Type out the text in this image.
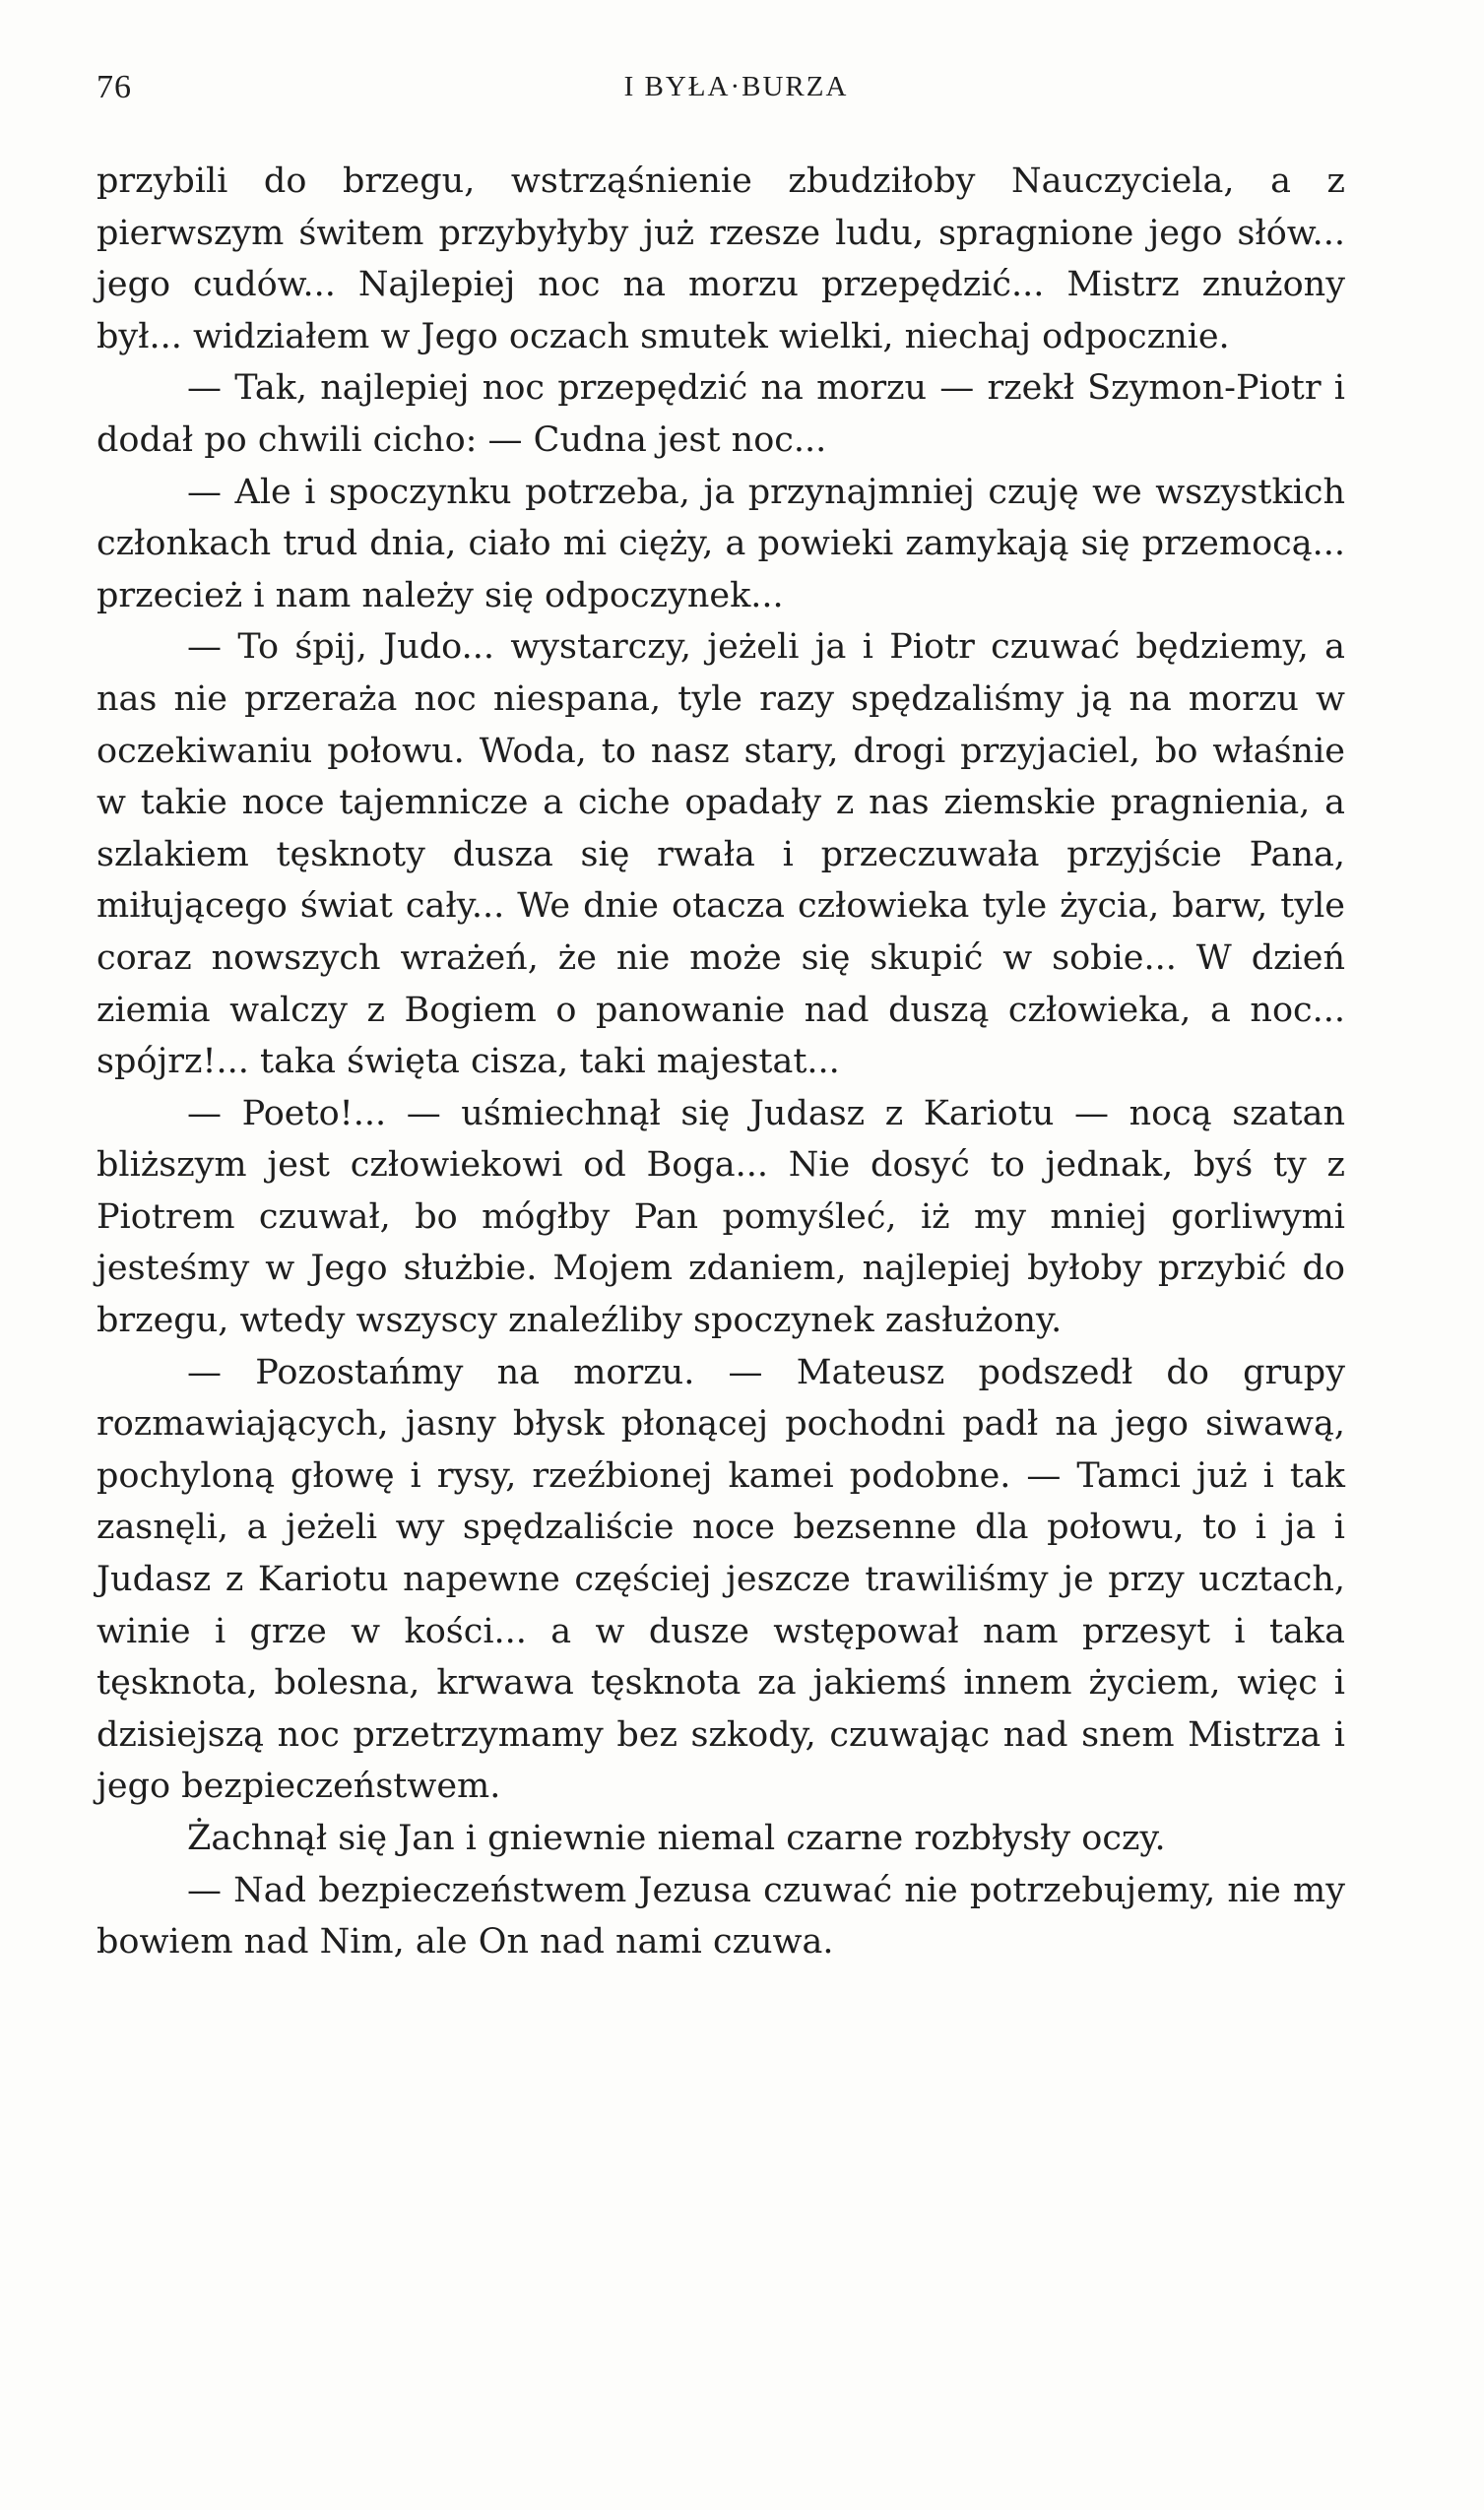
76	I BYŁA·BURZA

przybili do brzegu, wstrząśnienie zbudziłoby Nauczyciela, a z pierwszym świtem przybyłyby już rzesze ludu, spragnione jego słów... jego cudów... Najlepiej noc na morzu przepędzić... Mistrz znużony był... widziałem w Jego oczach smutek wielki, niechaj odpocznie.

— Tak, najlepiej noc przepędzić na morzu — rzekł Szymon-Piotr i dodał po chwili cicho: — Cudna jest noc...

— Ale i spoczynku potrzeba, ja przynajmniej czuję we wszystkich członkach trud dnia, ciało mi cięży, a powieki zamykają się przemocą... przecież i nam należy się odpoczynek...

— To śpij, Judo... wystarczy, jeżeli ja i Piotr czuwać będziemy, a nas nie przeraża noc niespana, tyle razy spędzaliśmy ją na morzu w oczekiwaniu połowu. Woda, to nasz stary, drogi przyjaciel, bo właśnie w takie noce tajemnicze a ciche opadały z nas ziemskie pragnienia, a szlakiem tęsknoty dusza się rwała i przeczuwała przyjście Pana, miłującego świat cały... We dnie otacza człowieka tyle życia, barw, tyle coraz nowszych wrażeń, że nie może się skupić w sobie... W dzień ziemia walczy z Bogiem o panowanie nad duszą człowieka, a noc... spójrz!... taka święta cisza, taki majestat...

— Poeto!... — uśmiechnął się Judasz z Kariotu — nocą szatan bliższym jest człowiekowi od Boga... Nie dosyć to jednak, byś ty z Piotrem czuwał, bo mógłby Pan pomyśleć, iż my mniej gorliwymi jesteśmy w Jego służbie. Mojem zdaniem, najlepiej byłoby przybić do brzegu, wtedy wszyscy znaleźliby spoczynek zasłużony.

— Pozostańmy na morzu. — Mateusz podszedł do grupy rozmawiających, jasny błysk płonącej pochodni padł na jego siwawą, pochyloną głowę i rysy, rzeźbionej kamei podobne. — Tamci już i tak zasnęli, a jeżeli wy spędzaliście noce bezsenne dla połowu, to i ja i Judasz z Kariotu napewne częściej jeszcze trawiliśmy je przy ucztach, winie i grze w kości... a w dusze wstępował nam przesyt i taka tęsknota, bolesna, krwawa tęsknota za jakiemś innem życiem, więc i dzisiejszą noc przetrzymamy bez szkody, czuwając nad snem Mistrza i jego bezpieczeństwem.

Żachnął się Jan i gniewnie niemal czarne rozbłysły oczy.

— Nad bezpieczeństwem Jezusa czuwać nie potrzebujemy, nie my bowiem nad Nim, ale On nad nami czuwa.
